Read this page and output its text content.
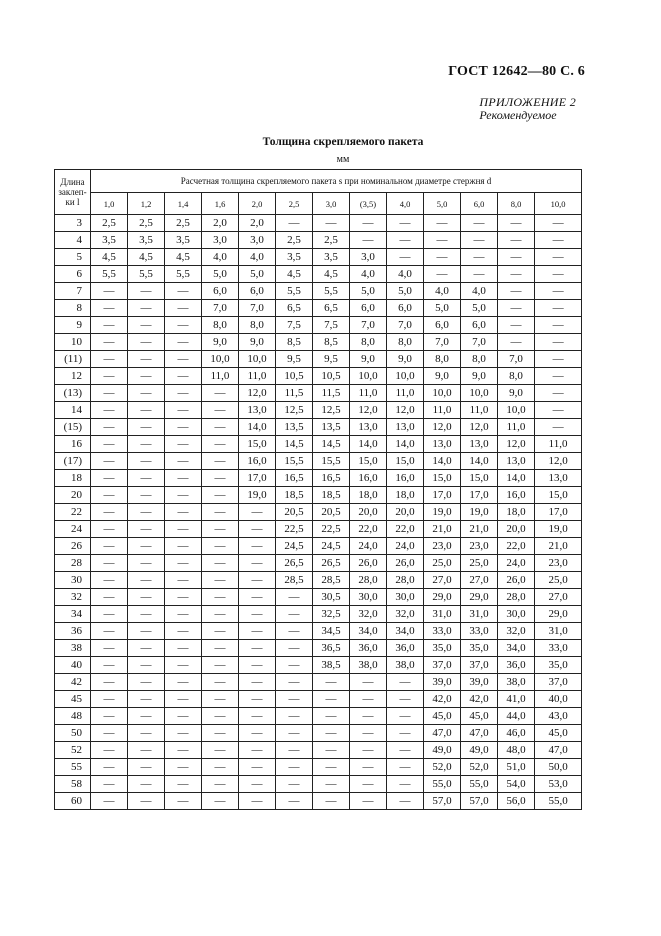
ГОСТ 12642—80 С. 6
ПРИЛОЖЕНИЕ 2
Рекомендуемое
Толщина скрепляемого пакета
мм
Длина заклеп- ки l	Расчетная толщина скрепляемого пакета s при номинальном диаметре стержня d												
	1,0	1,2	1,4	1,6	2,0	2,5	3,0	(3,5)	4,0	5,0	6,0	8,0	10,0
3	2,5	2,5	2,5	2,0	2,0	—	—	—	—	—	—	—	—
4	3,5	3,5	3,5	3,0	3,0	2,5	2,5	—	—	—	—	—	—
5	4,5	4,5	4,5	4,0	4,0	3,5	3,5	3,0	—	—	—	—	—
6	5,5	5,5	5,5	5,0	5,0	4,5	4,5	4,0	4,0	—	—	—	—
7	—	—	—	6,0	6,0	5,5	5,5	5,0	5,0	4,0	4,0	—	—
8	—	—	—	7,0	7,0	6,5	6,5	6,0	6,0	5,0	5,0	—	—
9	—	—	—	8,0	8,0	7,5	7,5	7,0	7,0	6,0	6,0	—	—
10	—	—	—	9,0	9,0	8,5	8,5	8,0	8,0	7,0	7,0	—	—
(11)	—	—	—	10,0	10,0	9,5	9,5	9,0	9,0	8,0	8,0	7,0	—
12	—	—	—	11,0	11,0	10,5	10,5	10,0	10,0	9,0	9,0	8,0	—
(13)	—	—	—	—	12,0	11,5	11,5	11,0	11,0	10,0	10,0	9,0	—
14	—	—	—	—	13,0	12,5	12,5	12,0	12,0	11,0	11,0	10,0	—
(15)	—	—	—	—	14,0	13,5	13,5	13,0	13,0	12,0	12,0	11,0	—
16	—	—	—	—	15,0	14,5	14,5	14,0	14,0	13,0	13,0	12,0	11,0
(17)	—	—	—	—	16,0	15,5	15,5	15,0	15,0	14,0	14,0	13,0	12,0
18	—	—	—	—	17,0	16,5	16,5	16,0	16,0	15,0	15,0	14,0	13,0
20	—	—	—	—	19,0	18,5	18,5	18,0	18,0	17,0	17,0	16,0	15,0
22	—	—	—	—	—	20,5	20,5	20,0	20,0	19,0	19,0	18,0	17,0
24	—	—	—	—	—	22,5	22,5	22,0	22,0	21,0	21,0	20,0	19,0
26	—	—	—	—	—	24,5	24,5	24,0	24,0	23,0	23,0	22,0	21,0
28	—	—	—	—	—	26,5	26,5	26,0	26,0	25,0	25,0	24,0	23,0
30	—	—	—	—	—	28,5	28,5	28,0	28,0	27,0	27,0	26,0	25,0
32	—	—	—	—	—	—	30,5	30,0	30,0	29,0	29,0	28,0	27,0
34	—	—	—	—	—	—	32,5	32,0	32,0	31,0	31,0	30,0	29,0
36	—	—	—	—	—	—	34,5	34,0	34,0	33,0	33,0	32,0	31,0
38	—	—	—	—	—	—	36,5	36,0	36,0	35,0	35,0	34,0	33,0
40	—	—	—	—	—	—	38,5	38,0	38,0	37,0	37,0	36,0	35,0
42	—	—	—	—	—	—	—	—	—	39,0	39,0	38,0	37,0
45	—	—	—	—	—	—	—	—	—	42,0	42,0	41,0	40,0
48	—	—	—	—	—	—	—	—	—	45,0	45,0	44,0	43,0
50	—	—	—	—	—	—	—	—	—	47,0	47,0	46,0	45,0
52	—	—	—	—	—	—	—	—	—	49,0	49,0	48,0	47,0
55	—	—	—	—	—	—	—	—	—	52,0	52,0	51,0	50,0
58	—	—	—	—	—	—	—	—	—	55,0	55,0	54,0	53,0
60	—	—	—	—	—	—	—	—	—	57,0	57,0	56,0	55,0
